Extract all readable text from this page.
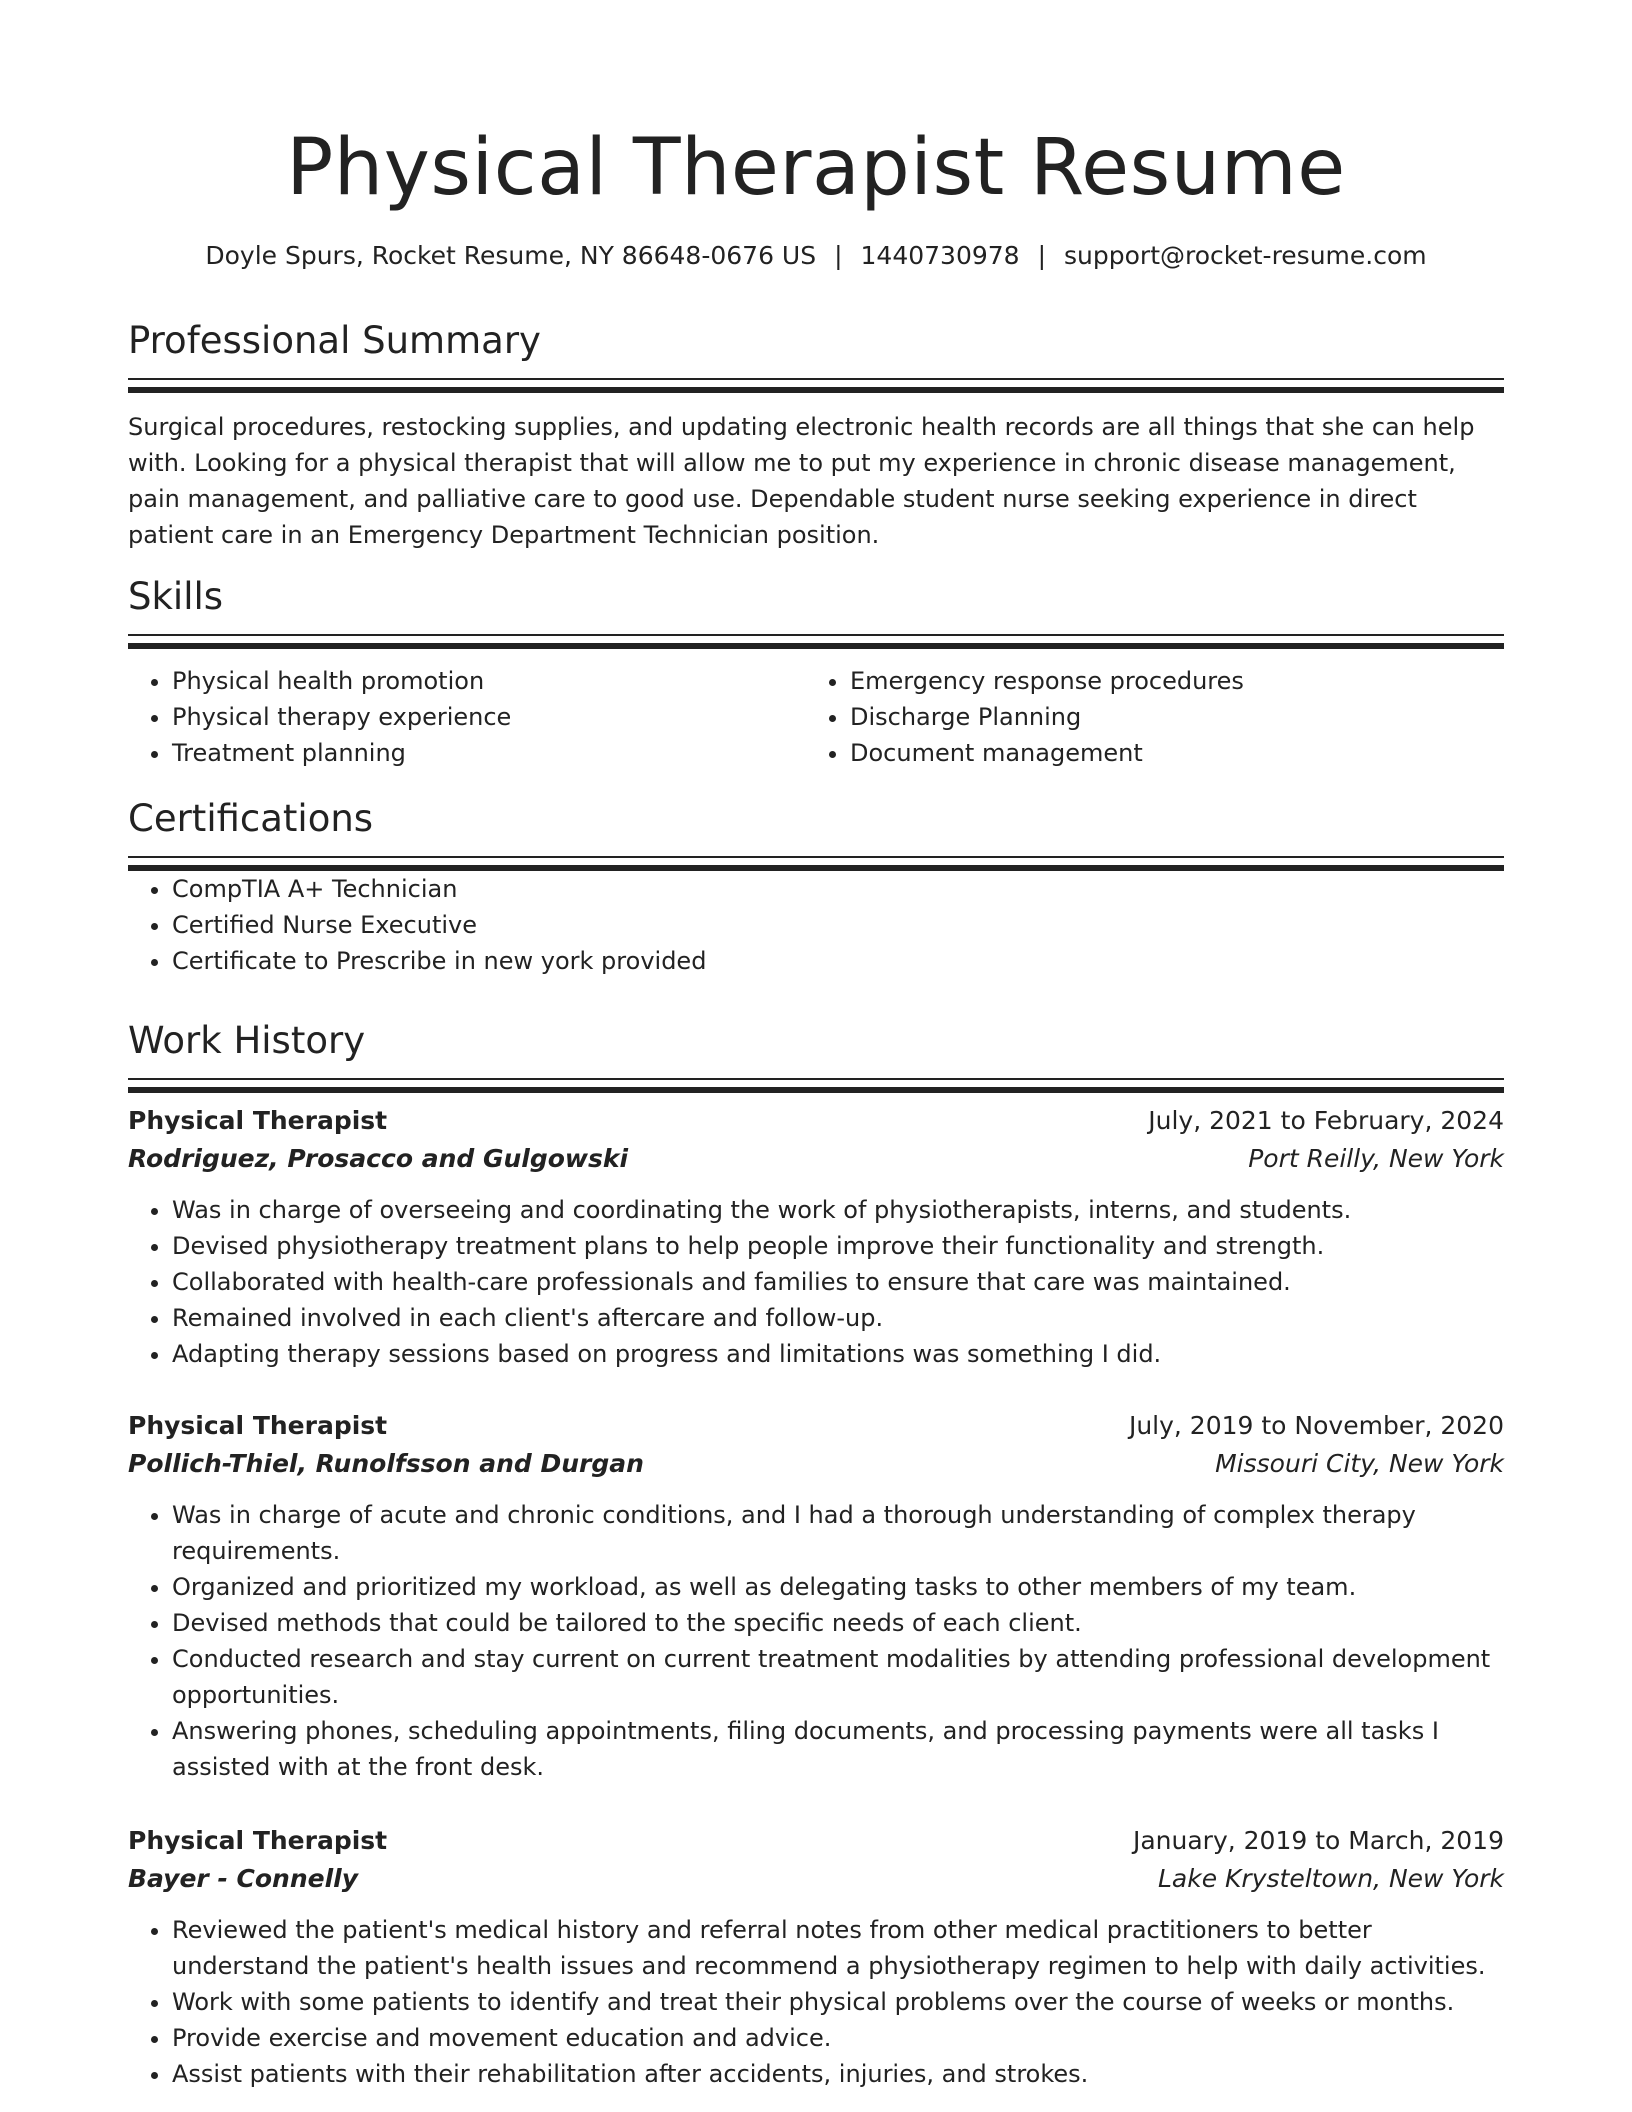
Physical Therapist Resume
Doyle Spurs, Rocket Resume, NY 86648-0676 US | 1440730978 | support@rocket-resume.com
Professional Summary
Surgical procedures, restocking supplies, and updating electronic health records are all things that she can help with. Looking for a physical therapist that will allow me to put my experience in chronic disease management, pain management, and palliative care to good use. Dependable student nurse seeking experience in direct patient care in an Emergency Department Technician position.
Skills
• Physical health promotion
• Physical therapy experience
• Treatment planning
• Emergency response procedures
• Discharge Planning
• Document management
Certifications
• CompTIA A+ Technician
• Certified Nurse Executive
• Certificate to Prescribe in new york provided
Work History
Physical Therapist	July, 2021 to February, 2024
Rodriguez, Prosacco and Gulgowski	Port Reilly, New York
• Was in charge of overseeing and coordinating the work of physiotherapists, interns, and students.
• Devised physiotherapy treatment plans to help people improve their functionality and strength.
• Collaborated with health-care professionals and families to ensure that care was maintained.
• Remained involved in each client's aftercare and follow-up.
• Adapting therapy sessions based on progress and limitations was something I did.
Physical Therapist	July, 2019 to November, 2020
Pollich-Thiel, Runolfsson and Durgan	Missouri City, New York
• Was in charge of acute and chronic conditions, and I had a thorough understanding of complex therapy requirements.
• Organized and prioritized my workload, as well as delegating tasks to other members of my team.
• Devised methods that could be tailored to the specific needs of each client.
• Conducted research and stay current on current treatment modalities by attending professional development opportunities.
• Answering phones, scheduling appointments, filing documents, and processing payments were all tasks I assisted with at the front desk.
Physical Therapist	January, 2019 to March, 2019
Bayer - Connelly	Lake Krysteltown, New York
• Reviewed the patient's medical history and referral notes from other medical practitioners to better understand the patient's health issues and recommend a physiotherapy regimen to help with daily activities.
• Work with some patients to identify and treat their physical problems over the course of weeks or months.
• Provide exercise and movement education and advice.
• Assist patients with their rehabilitation after accidents, injuries, and strokes.
